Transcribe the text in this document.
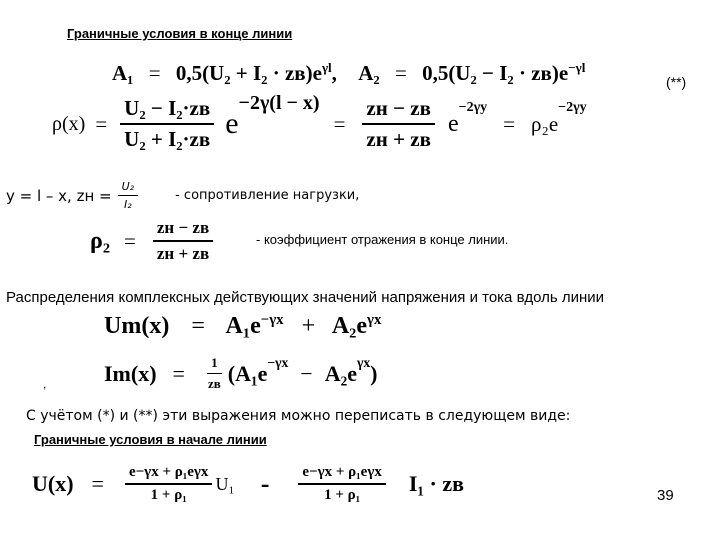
Граничные условия в конце линии
$A_1 = 0,5(U_2 + I_2 \cdot zв)e^{\gamma l}$, $A_2 = 0,5(U_2 - I_2 \cdot zв)e^{-\gamma l}$
(**)
$\rho(x) = \frac{\text{U₂ − I₂·zв}}{\text{U₂ + I₂·zв}}$ e
−2γ(l − x)
= $\frac{zн - zв}{zн + zв}$ e
$^{-2\gamma y}$
= ρ₂e
$^{-2\gamma y}$
y = l – x, zн = $\frac{\text{U₂}}{\text{I₂}}$	- сопротивление нагрузки,
$\rho_2 = \frac{zн - zв}{zн + zв}$	- коэффициент отражения в конце линии.
Распределения комплексных действующих значений напряжения и тока вдоль линии
$Um(x) = A_1e^{-\gamma x} + A_2e^{\gamma x}$
$Im(x) = \frac{1}{zв} (A_1e^{-\gamma x} - A_2e^{\gamma x}$ )
,
С учётом (*) и (**) эти выражения можно переписать в следующем виде:
Граничные условия в начале линии
$U(x) = \frac{\text{e−γx + ρ₁eγx}}{\text{1 + ρ₁}} U_1 - \frac{\text{e−γx + ρ₁eγx}}{\text{1 + ρ₁}} I_1$ · zв	39
